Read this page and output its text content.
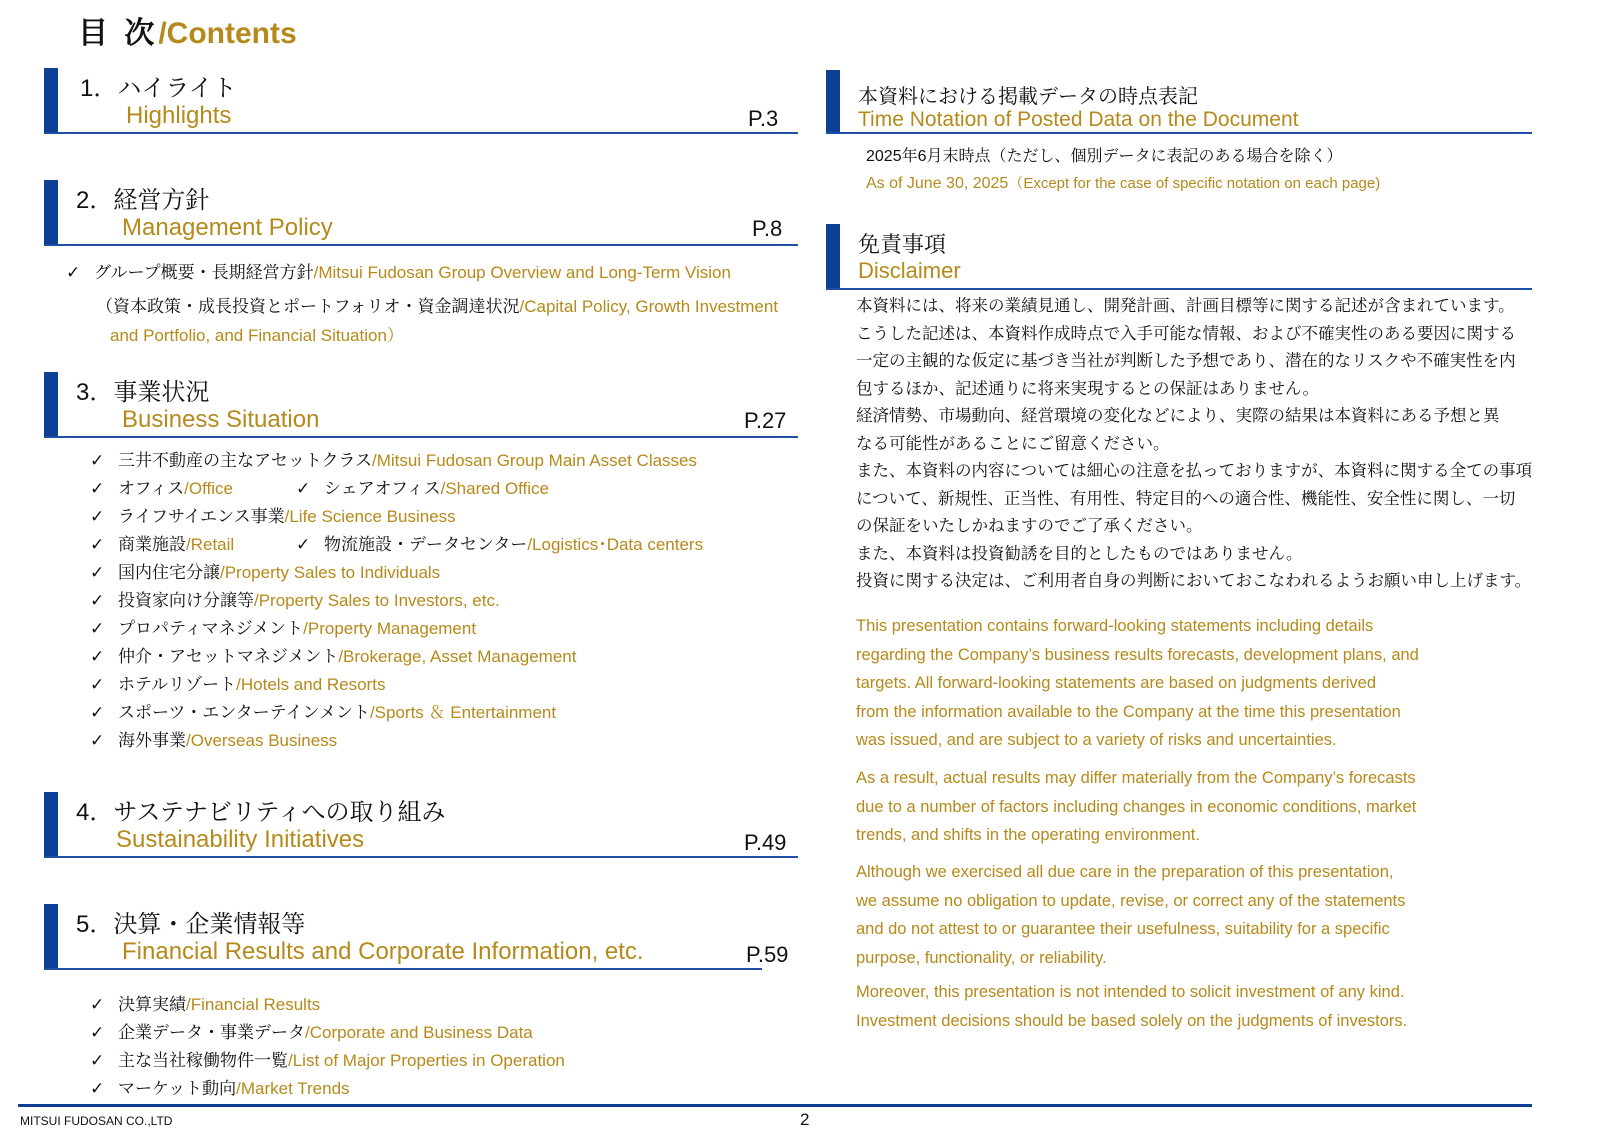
目 次/Contents
1．ハイライト
Highlights	P.3
2．経営方針
Management Policy	P.8
✓ グループ概要・長期経営方針/Mitsui Fudosan Group Overview and Long-Term Vision
（資本政策・成長投資とポートフォリオ・資金調達状況/Capital Policy, Growth Investment
and Portfolio, and Financial Situation）
3．事業状況
Business Situation	P.27
✓ 三井不動産の主なアセットクラス/Mitsui Fudosan Group Main Asset Classes
✓ オフィス/Office	✓ シェアオフィス/Shared Office
✓ ライフサイエンス事業/Life Science Business
✓ 商業施設/Retail	✓ 物流施設・データセンター/Logistics･Data centers
✓ 国内住宅分譲/Property Sales to Individuals
✓ 投資家向け分譲等/Property Sales to Investors, etc.
✓ プロパティマネジメント/Property Management
✓ 仲介・アセットマネジメント/Brokerage, Asset Management
✓ ホテルリゾート/Hotels and Resorts
✓ スポーツ・エンターテインメント/Sports ＆ Entertainment
✓ 海外事業/Overseas Business
4．サステナビリティへの取り組み
Sustainability Initiatives	P.49
5．決算・企業情報等
Financial Results and Corporate Information, etc.	P.59
✓ 決算実績/Financial Results
✓ 企業データ・事業データ/Corporate and Business Data
✓ 主な当社稼働物件一覧/List of Major Properties in Operation
✓ マーケット動向/Market Trends
本資料における掲載データの時点表記
Time Notation of Posted Data on the Document
2025年6月末時点（ただし、個別データに表記のある場合を除く）
As of June 30, 2025（Except for the case of specific notation on each page)
免責事項
Disclaimer
本資料には、将来の業績見通し、開発計画、計画目標等に関する記述が含まれています。
こうした記述は、本資料作成時点で入手可能な情報、および不確実性のある要因に関する
一定の主観的な仮定に基づき当社が判断した予想であり、潜在的なリスクや不確実性を内
包するほか、記述通りに将来実現するとの保証はありません。
経済情勢、市場動向、経営環境の変化などにより、実際の結果は本資料にある予想と異
なる可能性があることにご留意ください。
また、本資料の内容については細心の注意を払っておりますが、本資料に関する全ての事項
について、新規性、正当性、有用性、特定目的への適合性、機能性、安全性に関し、一切
の保証をいたしかねますのでご了承ください。
また、本資料は投資勧誘を目的としたものではありません。
投資に関する決定は、ご利用者自身の判断においておこなわれるようお願い申し上げます。
This presentation contains forward-looking statements including details
regarding the Company’s business results forecasts, development plans, and
targets. All forward-looking statements are based on judgments derived
from the information available to the Company at the time this presentation
was issued, and are subject to a variety of risks and uncertainties.
As a result, actual results may differ materially from the Company’s forecasts
due to a number of factors including changes in economic conditions, market
trends, and shifts in the operating environment.
Although we exercised all due care in the preparation of this presentation,
we assume no obligation to update, revise, or correct any of the statements
and do not attest to or guarantee their usefulness, suitability for a specific
purpose, functionality, or reliability.
Moreover, this presentation is not intended to solicit investment of any kind.
Investment decisions should be based solely on the judgments of investors.
MITSUI FUDOSAN CO.,LTD	2
